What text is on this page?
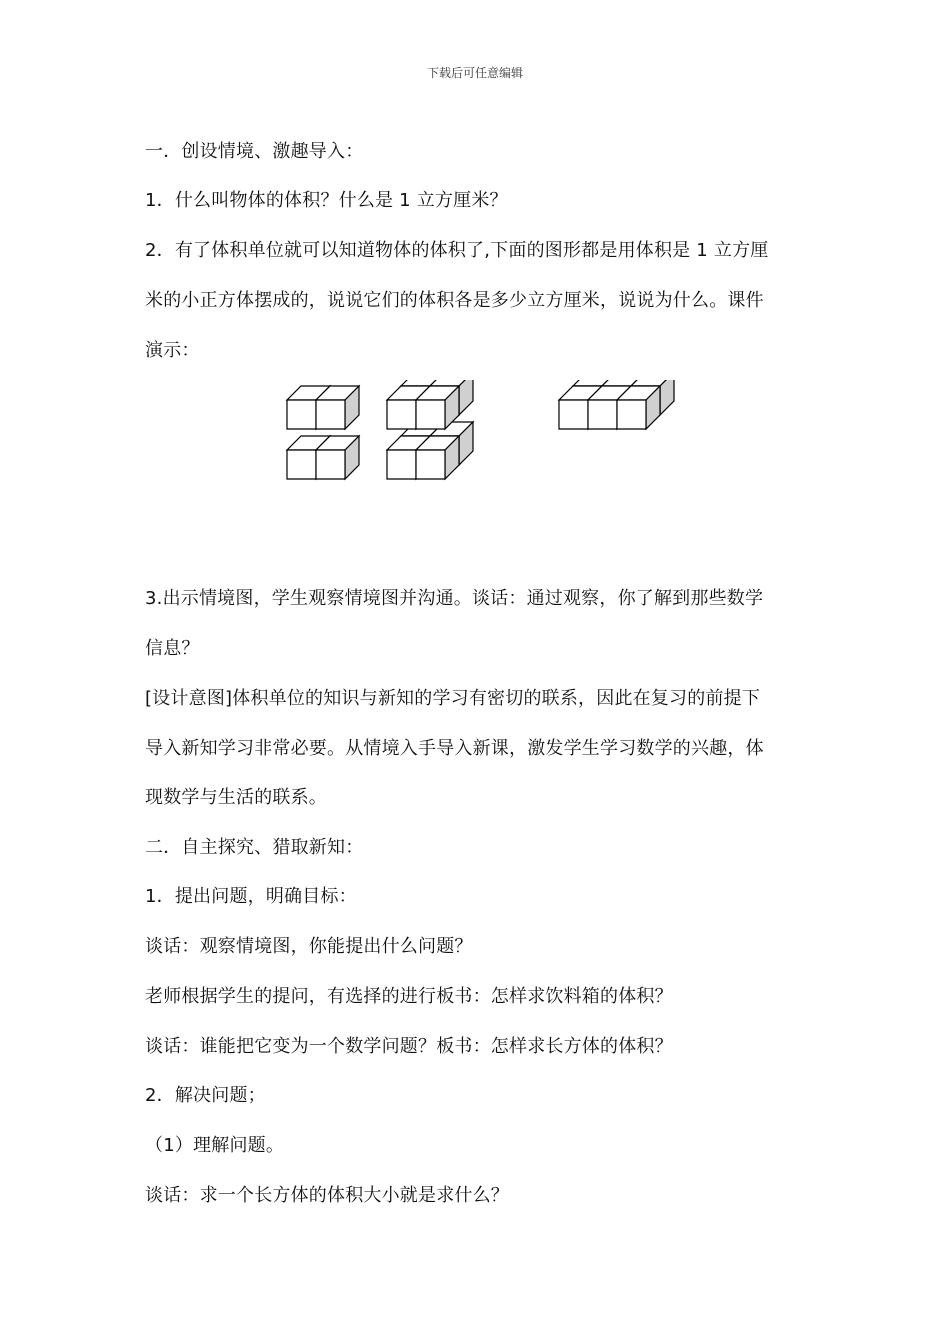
下载后可任意编辑
一．创设情境、激趣导入：
1．什么叫物体的体积？什么是 1 立方厘米？
2．有了体积单位就可以知道物体的体积了,下面的图形都是用体积是 1 立方厘
米的小正方体摆成的，说说它们的体积各是多少立方厘米，说说为什么。课件
演示：
3.出示情境图，学生观察情境图并沟通。谈话：通过观察，你了解到那些数学
信息？
[设计意图]体积单位的知识与新知的学习有密切的联系，因此在复习的前提下
导入新知学习非常必要。从情境入手导入新课，激发学生学习数学的兴趣，体
现数学与生活的联系。
二．自主探究、猎取新知：
1．提出问题，明确目标：
谈话：观察情境图，你能提出什么问题？
老师根据学生的提问，有选择的进行板书：怎样求饮料箱的体积？
谈话：谁能把它变为一个数学问题？板书：怎样求长方体的体积？
2．解决问题；
（1）理解问题。
谈话：求一个长方体的体积大小就是求什么？
